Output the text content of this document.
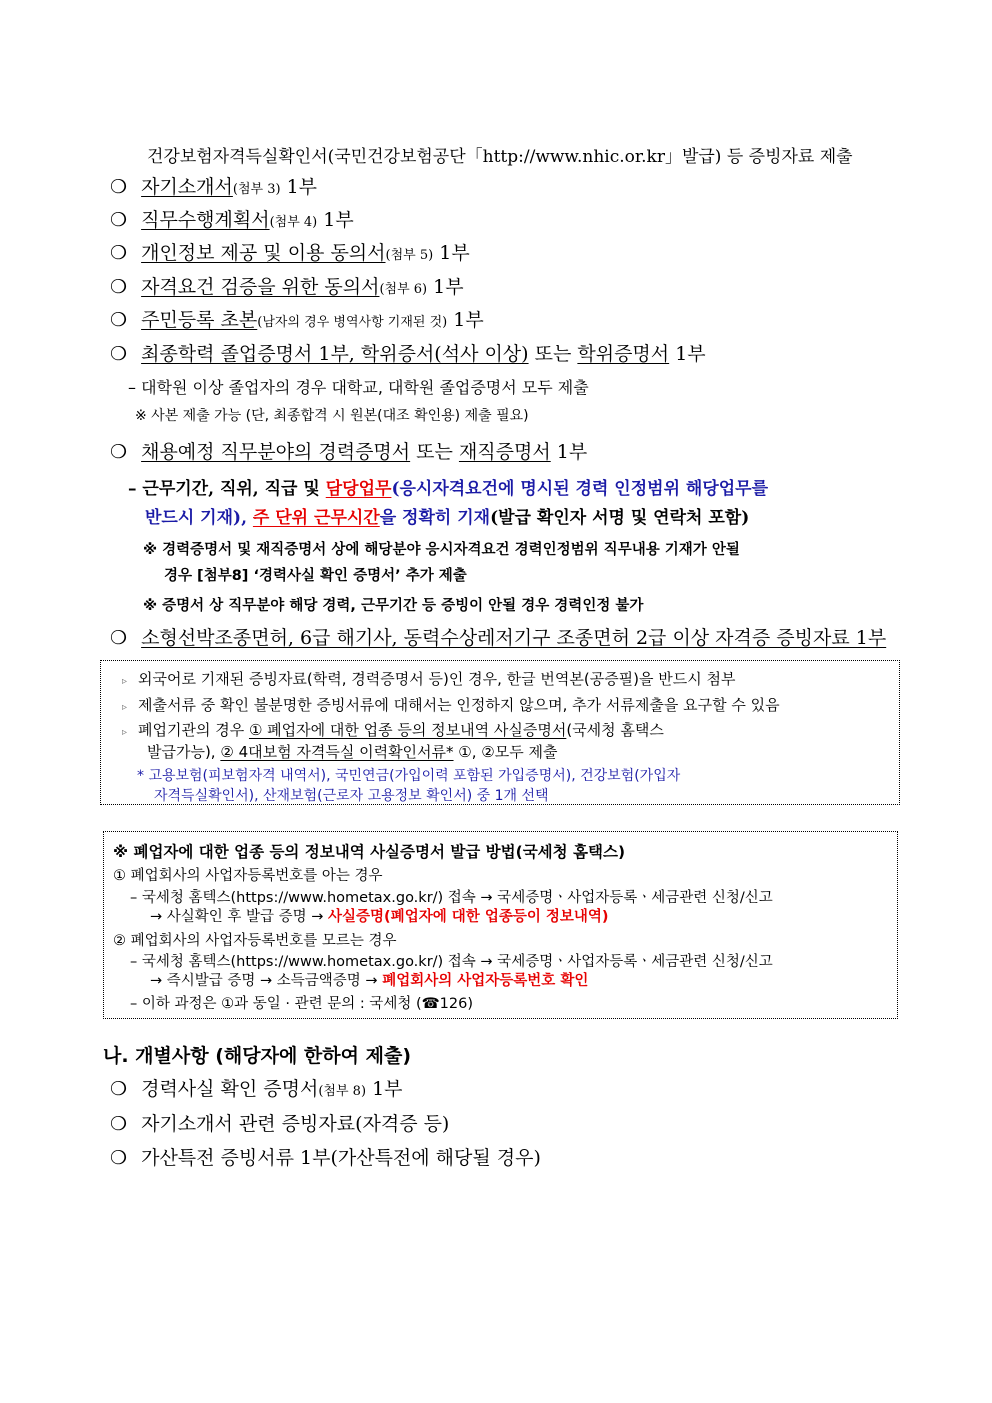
건강보험자격득실확인서(국민건강보험공단「http://www.nhic.or.kr」발급) 등 증빙자료 제출
❍ 자기소개서(첨부 3) 1부
❍ 직무수행계획서(첨부 4) 1부
❍ 개인정보 제공 및 이용 동의서(첨부 5) 1부
❍ 자격요건 검증을 위한 동의서(첨부 6) 1부
❍ 주민등록 초본(남자의 경우 병역사항 기재된 것) 1부
❍ 최종학력 졸업증명서 1부, 학위증서(석사 이상) 또는 학위증명서 1부
– 대학원 이상 졸업자의 경우 대학교, 대학원 졸업증명서 모두 제출
※ 사본 제출 가능 (단, 최종합격 시 원본(대조 확인용) 제출 필요)
❍ 채용예정 직무분야의 경력증명서 또는 재직증명서 1부
– 근무기간, 직위, 직급 및 담당업무(응시자격요건에 명시된 경력 인정범위 해당업무를
반드시 기재), 주 단위 근무시간을 정확히 기재(발급 확인자 서명 및 연락처 포함)
※ 경력증명서 및 재직증명서 상에 해당분야 응시자격요건 경력인정범위 직무내용 기재가 안될
경우 [첨부8] ‘경력사실 확인 증명서’ 추가 제출
※ 증명서 상 직무분야 해당 경력, 근무기간 등 증빙이 안될 경우 경력인정 불가
❍ 소형선박조종면허, 6급 해기사, 동력수상레저기구 조종면허 2급 이상 자격증 증빙자료 1부
▹ 외국어로 기재된 증빙자료(학력, 경력증명서 등)인 경우, 한글 번역본(공증필)을 반드시 첨부
▹ 제출서류 중 확인 불분명한 증빙서류에 대해서는 인정하지 않으며, 추가 서류제출을 요구할 수 있음
▹ 폐업기관의 경우 ① 폐업자에 대한 업종 등의 정보내역 사실증명서(국세청 홈택스
발급가능), ② 4대보험 자격득실 이력확인서류* ①, ②모두 제출
* 고용보험(피보험자격 내역서), 국민연금(가입이력 포함된 가입증명서), 건강보험(가입자
자격득실확인서), 산재보험(근로자 고용정보 확인서) 중 1개 선택
※ 폐업자에 대한 업종 등의 정보내역 사실증명서 발급 방법(국세청 홈택스)
① 폐업회사의 사업자등록번호를 아는 경우
– 국세청 홈텍스(https://www.hometax.go.kr/) 접속 → 국세증명ㆍ사업자등록ㆍ세금관련 신청/신고
→ 사실확인 후 발급 증명 → 사실증명(폐업자에 대한 업종등이 정보내역)
② 폐업회사의 사업자등록번호를 모르는 경우
– 국세청 홈텍스(https://www.hometax.go.kr/) 접속 → 국세증명ㆍ사업자등록ㆍ세금관련 신청/신고
→ 즉시발급 증명 → 소득금액증명 → 폐업회사의 사업자등록번호 확인
– 이하 과정은 ①과 동일 · 관련 문의 : 국세청 (☎126)
나. 개별사항 (해당자에 한하여 제출)
❍ 경력사실 확인 증명서(첨부 8) 1부
❍ 자기소개서 관련 증빙자료(자격증 등)
❍ 가산특전 증빙서류 1부(가산특전에 해당될 경우)
